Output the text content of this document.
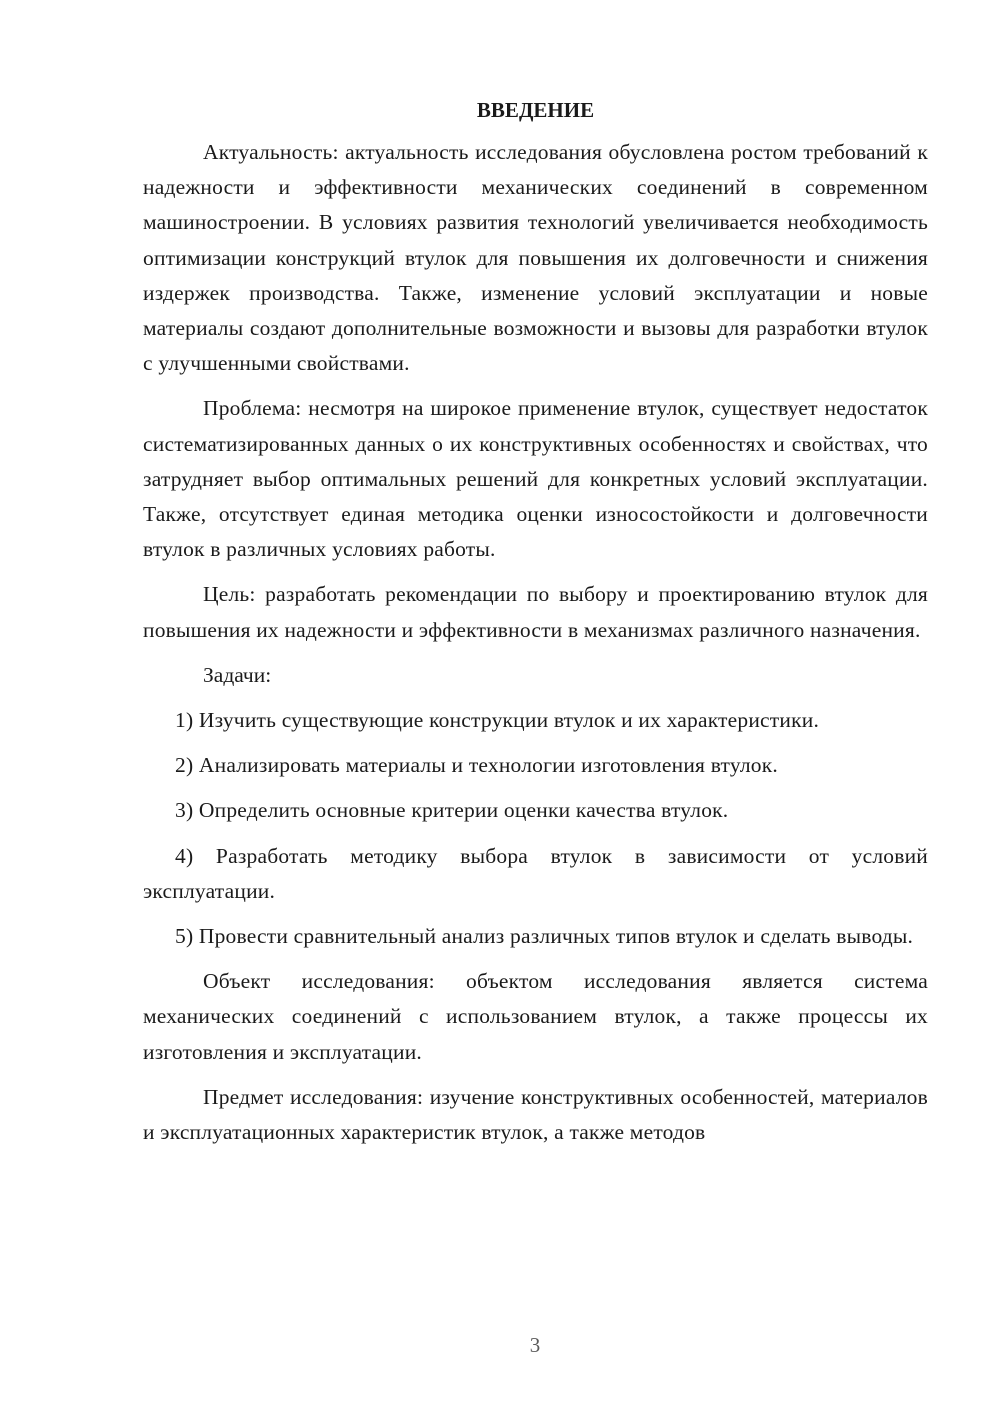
ВВЕДЕНИЕ

Актуальность: актуальность исследования обусловлена ростом требований к надежности и эффективности механических соединений в современном машиностроении. В условиях развития технологий увеличивается необходимость оптимизации конструкций втулок для повышения их долговечности и снижения издержек производства. Также, изменение условий эксплуатации и новые материалы создают дополнительные возможности и вызовы для разработки втулок с улучшенными свойствами.

Проблема: несмотря на широкое применение втулок, существует недостаток систематизированных данных о их конструктивных особенностях и свойствах, что затрудняет выбор оптимальных решений для конкретных условий эксплуатации. Также, отсутствует единая методика оценки износостойкости и долговечности втулок в различных условиях работы.

Цель: разработать рекомендации по выбору и проектированию втулок для повышения их надежности и эффективности в механизмах различного назначения.

Задачи:

1) Изучить существующие конструкции втулок и их характеристики.

2) Анализировать материалы и технологии изготовления втулок.

3) Определить основные критерии оценки качества втулок.

4) Разработать методику выбора втулок в зависимости от условий эксплуатации.

5) Провести сравнительный анализ различных типов втулок и сделать выводы.

Объект исследования: объектом исследования является система механических соединений с использованием втулок, а также процессы их изготовления и эксплуатации.

Предмет исследования: изучение конструктивных особенностей, материалов и эксплуатационных характеристик втулок, а также методов

3
